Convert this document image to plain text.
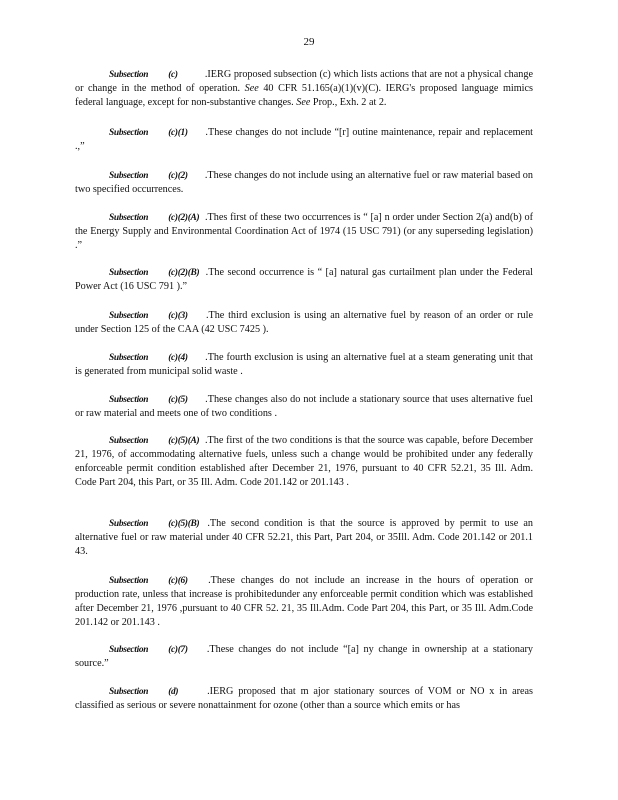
29

Subsection (c) .IERG proposed subsection (c) which lists actions that are not a physical change or change in the method of operation. See 40 CFR 51.165(a)(1)(v)(C). IERG's proposed language mimics federal language, except for non-substantive changes. See Prop., Exh. 2 at 2.

Subsection (c)(1) .These changes do not include “[r] outine maintenance, repair and replacement .,”

Subsection (c)(2) .These changes do not include using an alternative fuel or raw material based on two specified occurrences.

Subsection (c)(2)(A) .Thes first of these two occurrences is “ [a] n order under Section 2(a) and(b) of the Energy Supply and Environmental Coordination Act of 1974 (15 USC 791) (or any superseding legislation) .”

Subsection (c)(2)(B) .The second occurrence is “ [a] natural gas curtailment plan under the Federal Power Act (16 USC 791 ).”

Subsection (c)(3) .The third exclusion is using an alternative fuel by reason of an order or rule under Section 125 of the CAA (42 USC 7425 ).

Subsection (c)(4) .The fourth exclusion is using an alternative fuel at a steam generating unit that is generated from municipal solid waste .

Subsection (c)(5) .These changes also do not include a stationary source that uses alternative fuel or raw material and meets one of two conditions .

Subsection (c)(5)(A) .The first of the two conditions is that the source was capable, before December 21, 1976, of accommodating alternative fuels, unless such a change would be prohibited under any federally enforceable permit condition established after December 21, 1976, pursuant to 40 CFR 52.21, 35 Ill. Adm. Code Part 204, this Part, or 35 Ill. Adm. Code 201.142 or 201.143 .

Subsection (c)(5)(B) .The second condition is that the source is approved by permit to use an alternative fuel or raw material under 40 CFR 52.21, this Part, Part 204, or 35Ill. Adm. Code 201.142 or 201.1 43.

Subsection (c)(6) .These changes do not include an increase in the hours of operation or production rate, unless that increase is prohibitedunder any enforceable permit condition which was established after December 21, 1976 ,pursuant to 40 CFR 52. 21, 35 Ill.Adm. Code Part 204, this Part, or 35 Ill. Adm.Code 201.142 or 201.143 .

Subsection (c)(7) .These changes do not include “[a] ny change in ownership at a stationary source.”

Subsection (d) .IERG proposed that m ajor stationary sources of VOM or NO x in areas classified as serious or severe nonattainment for ozone (other than a source which emits or has
